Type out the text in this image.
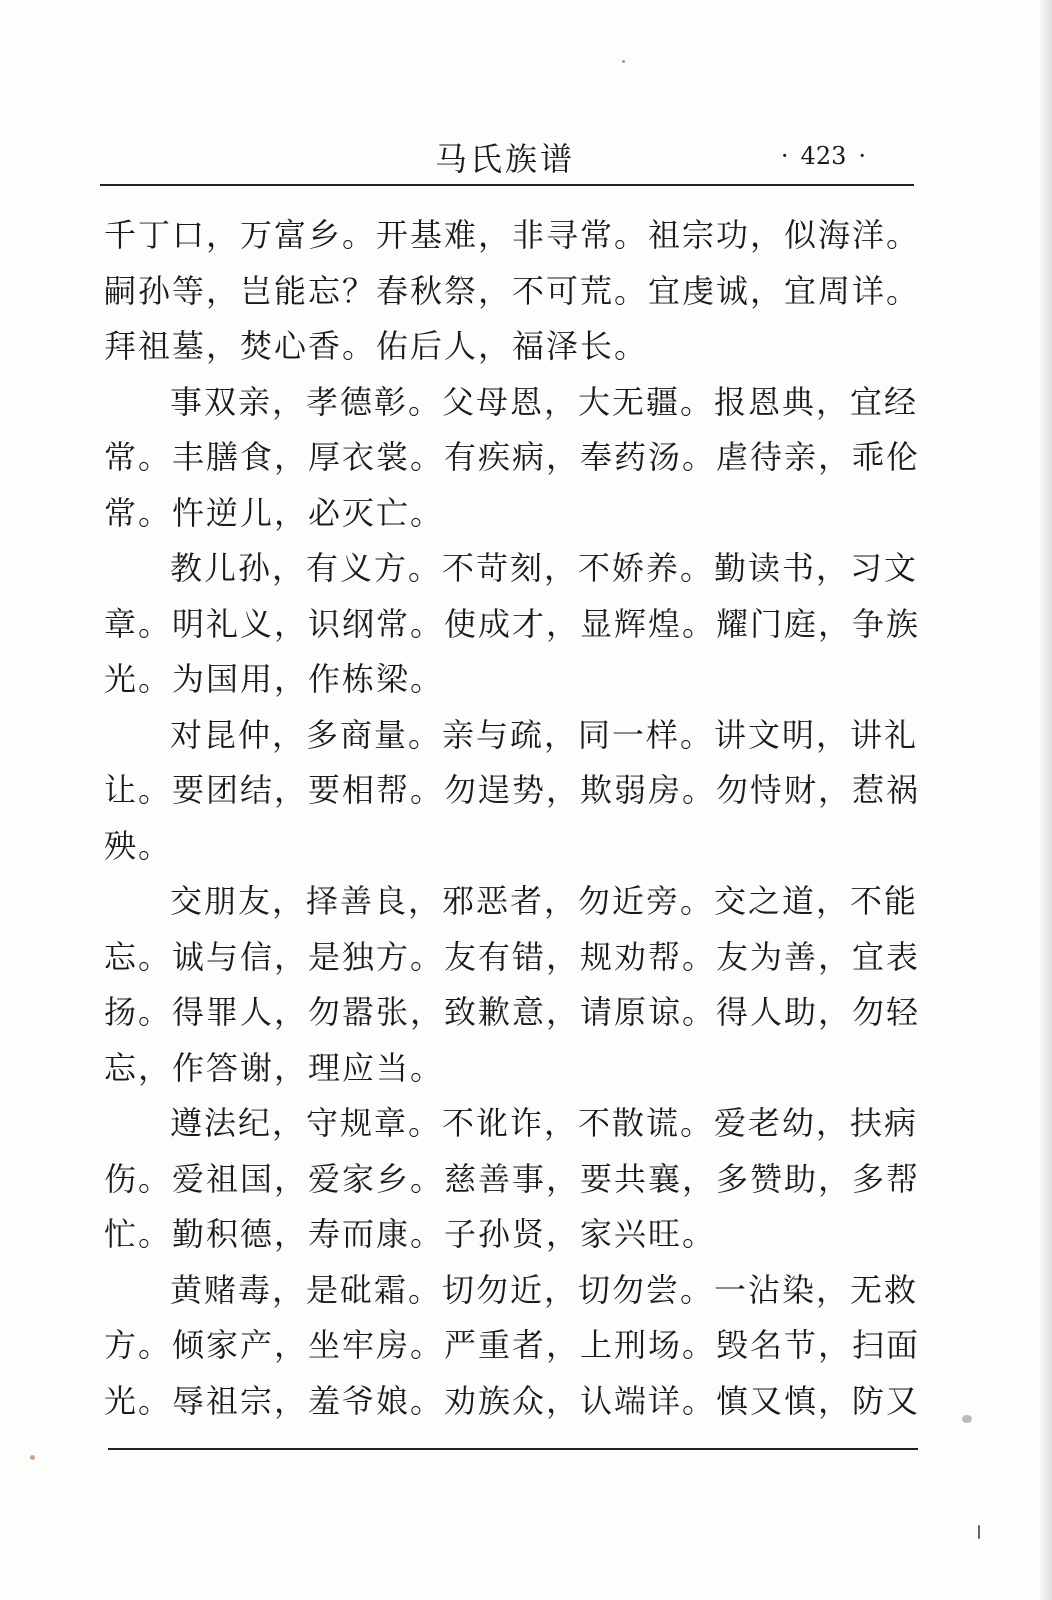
马氏族谱	· 423 ·
千丁口，万富乡。开基难，非寻常。祖宗功，似海洋。
嗣孙等，岂能忘？春秋祭，不可荒。宜虔诚，宜周详。
拜祖墓，焚心香。佑后人，福泽长。
事双亲，孝德彰。父母恩，大无疆。报恩典，宜经
常。丰膳食，厚衣裳。有疾病，奉药汤。虐待亲，乖伦
常。忤逆儿，必灭亡。
教儿孙，有义方。不苛刻，不娇养。勤读书，习文
章。明礼义，识纲常。使成才，显辉煌。耀门庭，争族
光。为国用，作栋梁。
对昆仲，多商量。亲与疏，同一样。讲文明，讲礼
让。要团结，要相帮。勿逞势，欺弱房。勿恃财，惹祸
殃。
交朋友，择善良，邪恶者，勿近旁。交之道，不能
忘。诚与信，是独方。友有错，规劝帮。友为善，宜表
扬。得罪人，勿嚣张，致歉意，请原谅。得人助，勿轻
忘，作答谢，理应当。
遵法纪，守规章。不讹诈，不散谎。爱老幼，扶病
伤。爱祖国，爱家乡。慈善事，要共襄，多赞助，多帮
忙。勤积德，寿而康。子孙贤，家兴旺。
黄赌毒，是砒霜。切勿近，切勿尝。一沾染，无救
方。倾家产，坐牢房。严重者，上刑场。毁名节，扫面
光。辱祖宗，羞爷娘。劝族众，认端详。慎又慎，防又
